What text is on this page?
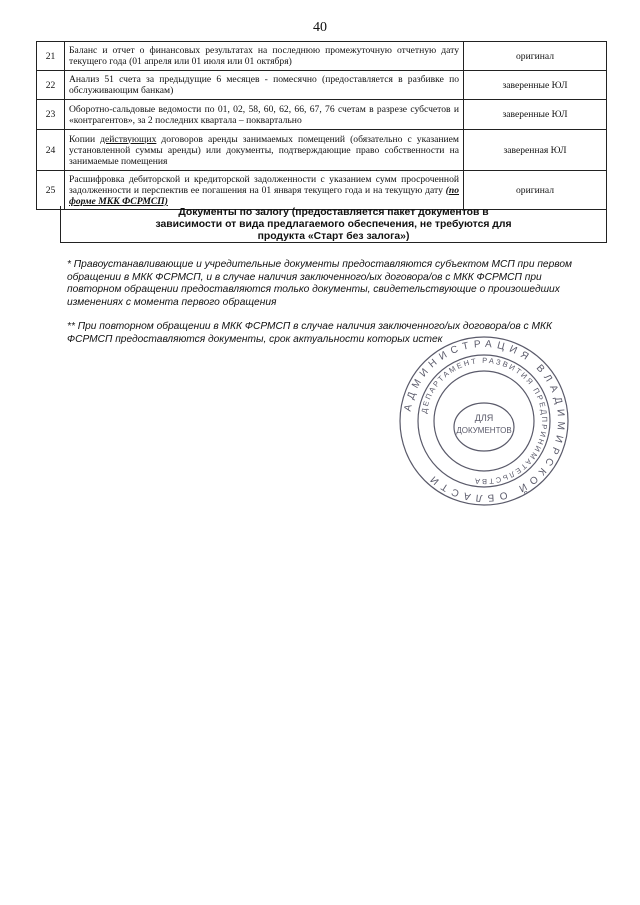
40
21	Баланс и отчет о финансовых результатах на последнюю промежуточную отчетную дату текущего года (01 апреля или 01 июля или 01 октября)	оригинал
22	Анализ 51 счета за предыдущие 6 месяцев - помесячно (предоставляется в разбивке по обслуживающим банкам)	заверенные ЮЛ
23	Оборотно-сальдовые ведомости по 01, 02, 58, 60, 62, 66, 67, 76 счетам в разрезе субсчетов и «контрагентов», за 2 последних квартала – поквартально	заверенные ЮЛ
24	Копии действующих договоров аренды занимаемых помещений (обязательно с указанием установленной суммы аренды) или документы, подтверждающие право собственности на занимаемые помещения	заверенная ЮЛ
25	Расшифровка дебиторской и кредиторской задолженности с указанием сумм просроченной задолженности и перспектив ее погашения на 01 января текущего года и на текущую дату (по форме МКК ФСРМСП)	оригинал
Документы по залогу (предоставляется пакет документов в
зависимости от вида предлагаемого обеспечения, не требуются для
продукта «Старт без залога»)
* Правоустанавливающие и учредительные документы предоставляются субъектом МСП при первом обращении в МКК ФСРМСП, и в случае наличия заключенного/ых договора/ов с МКК ФСРМСП при повторном обращении предоставляются только документы, свидетельствующие о произошедших изменениях с момента первого обращения
** При повторном обращении в МКК ФСРМСП в случае наличия заключенного/ых договора/ов с МКК ФСРМСП предоставляются документы, срок актуальности которых истек
АДМИНИСТРАЦИЯ ВЛАДИМИРСКОЙ ОБЛАСТИ
ДЕПАРТАМЕНТ РАЗВИТИЯ ПРЕДПРИНИМАТЕЛЬСТВА
ДЛЯ
ДОКУМЕНТОВ
